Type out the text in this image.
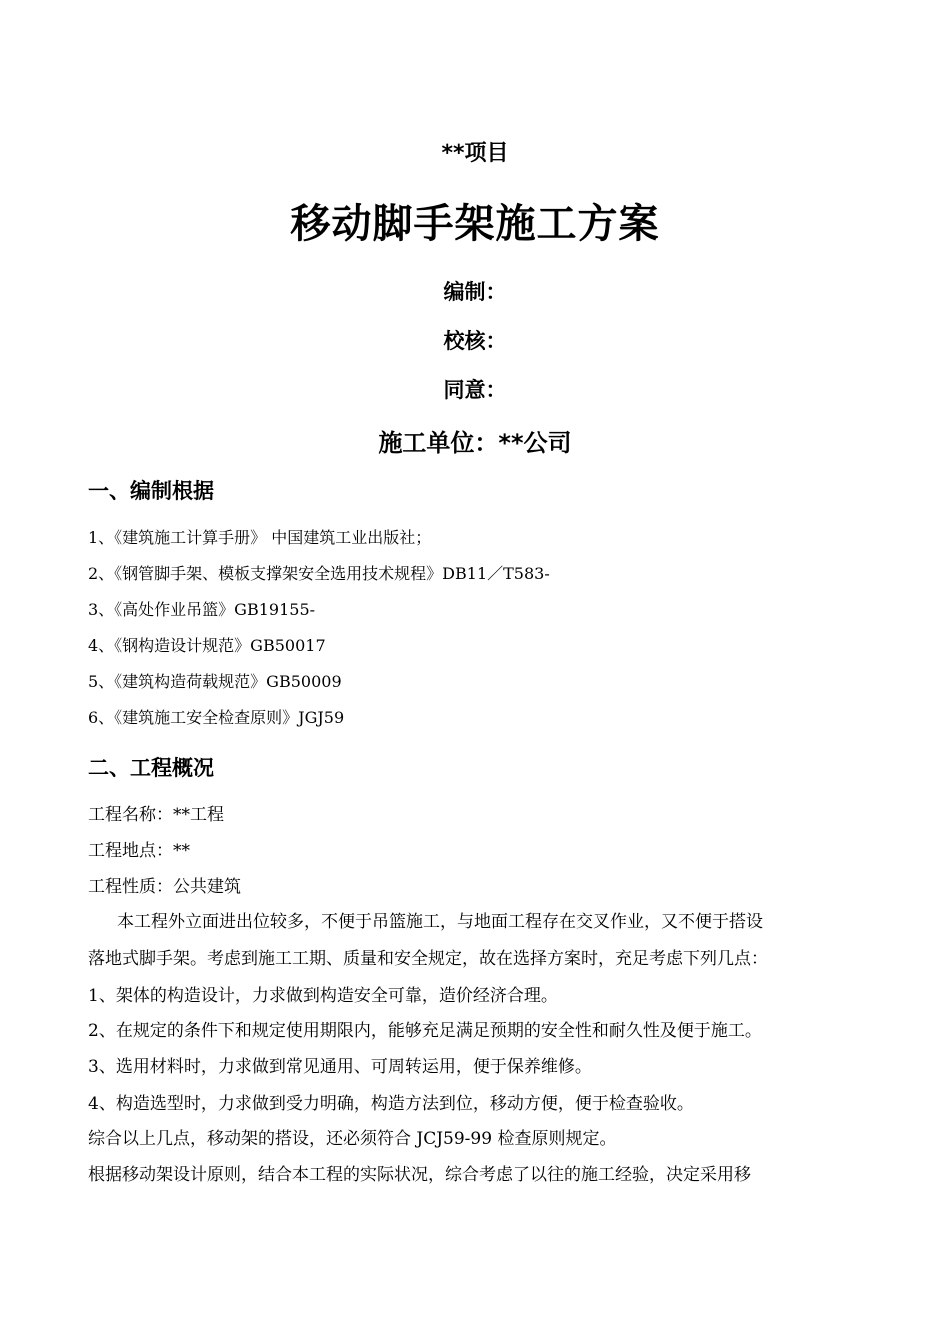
**项目
移动脚手架施工方案
编制：
校核：
同意：
施工单位：**公司
一、编制根据
1、《建筑施工计算手册》 中国建筑工业出版社；
2、《钢管脚手架、模板支撑架安全选用技术规程》DB11／T583-
3、《高处作业吊篮》GB19155-
4、《钢构造设计规范》GB50017
5、《建筑构造荷载规范》GB50009
6、《建筑施工安全检查原则》JGJ59
二、工程概况
工程名称：**工程
工程地点：**
工程性质：公共建筑
本工程外立面进出位较多，不便于吊篮施工，与地面工程存在交叉作业，又不便于搭设
落地式脚手架。考虑到施工工期、质量和安全规定，故在选择方案时，充足考虑下列几点：
1、架体的构造设计，力求做到构造安全可靠，造价经济合理。
2、在规定的条件下和规定使用期限内，能够充足满足预期的安全性和耐久性及便于施工。
3、选用材料时，力求做到常见通用、可周转运用，便于保养维修。
4、构造选型时，力求做到受力明确，构造方法到位，移动方便，便于检查验收。
综合以上几点，移动架的搭设，还必须符合 JCJ59-99 检查原则规定。
根据移动架设计原则，结合本工程的实际状况，综合考虑了以往的施工经验，决定采用移
